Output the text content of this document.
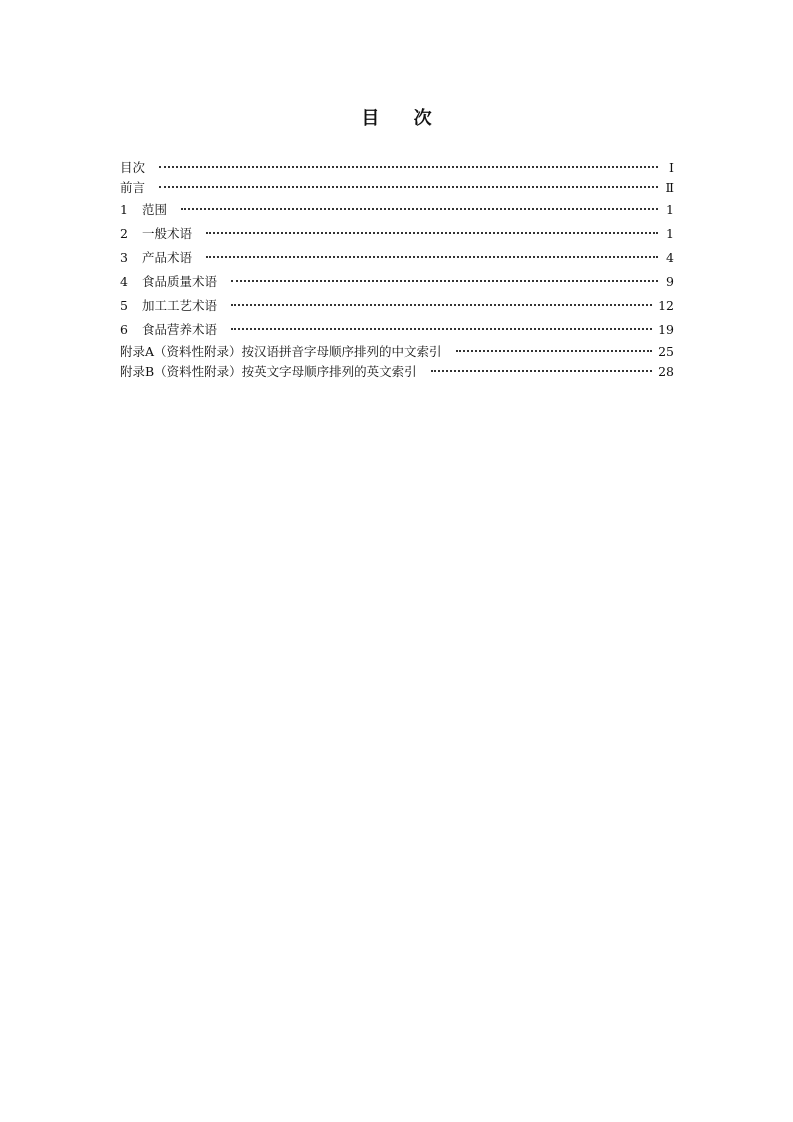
目 次
目次	Ⅰ
前言	Ⅱ
1	范围	1
2	一般术语	1
3	产品术语	4
4	食品质量术语	9
5	加工工艺术语	12
6	食品营养术语	19
附录A（资料性附录）按汉语拼音字母顺序排列的中文索引	25
附录B（资料性附录）按英文字母顺序排列的英文索引	28
